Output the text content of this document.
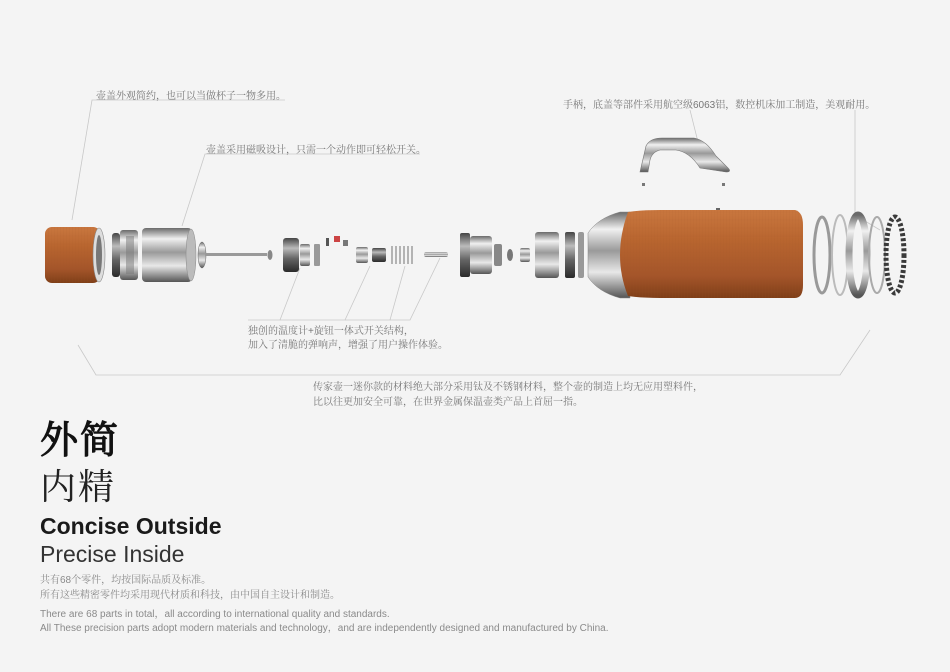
壶盖外观简约，也可以当做杯子一物多用。
壶盖采用磁吸设计，只需一个动作即可轻松开关。
手柄，底盖等部件采用航空级6063铝，数控机床加工制造，美观耐用。
独创的温度计+旋钮一体式开关结构，
加入了清脆的弹响声，增强了用户操作体验。
传家壶一迷你款的材料绝大部分采用钛及不锈钢材料，整个壶的制造上均无应用塑料件，
比以往更加安全可靠，在世界金属保温壶类产品上首屈一指。
外简
内精
Concise Outside
Precise Inside
共有68个零件，均按国际品质及标准。
所有这些精密零件均采用现代材质和科技，由中国自主设计和制造。
There are 68 parts in total，all according to international quality and standards.
All These precision parts adopt modern materials and technology，and are independently designed and manufactured by China.
